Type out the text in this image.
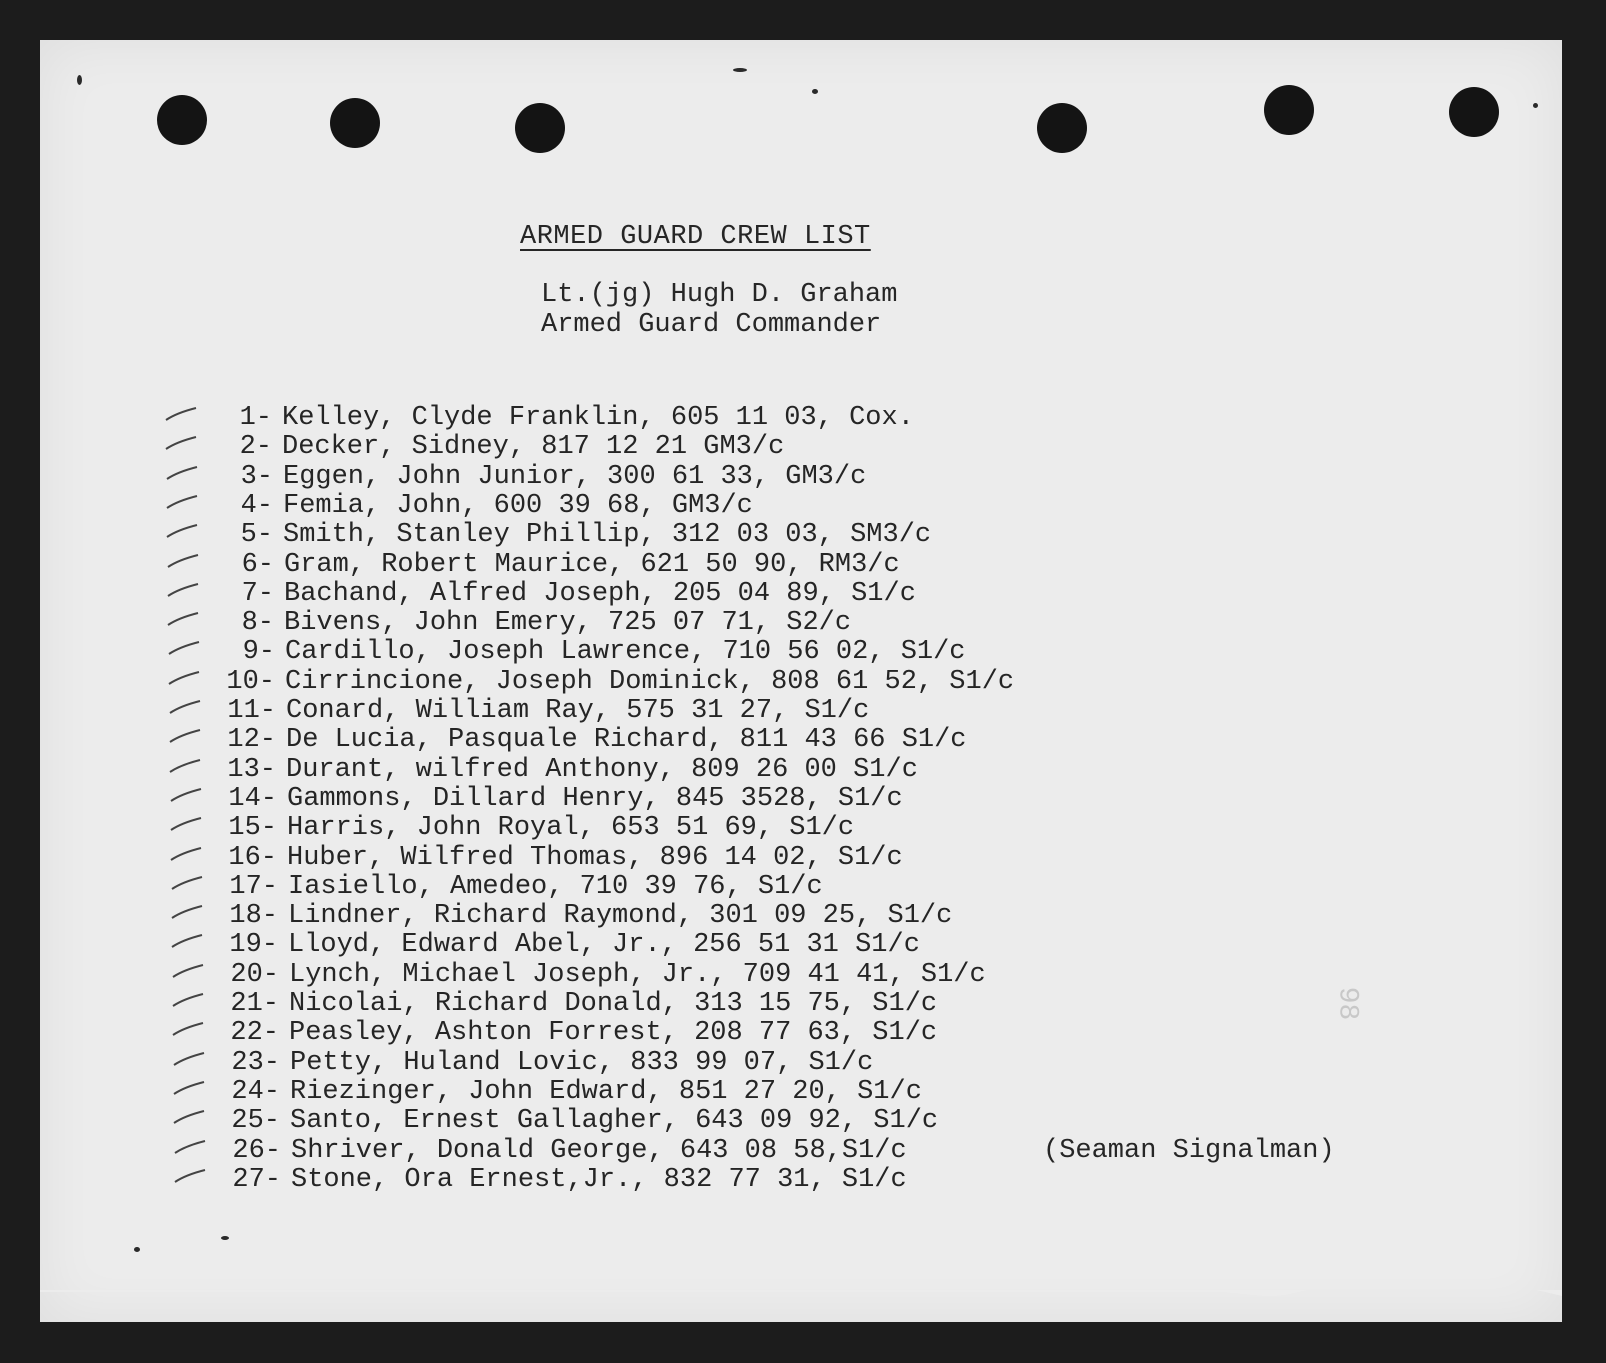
ARMED GUARD CREW LIST
Lt.(jg) Hugh D. Graham
Armed Guard Commander
1- Kelley, Clyde Franklin, 605 11 03, Cox.
2- Decker, Sidney, 817 12 21 GM3/c
3- Eggen, John Junior, 300 61 33, GM3/c
4- Femia, John, 600 39 68, GM3/c
5- Smith, Stanley Phillip, 312 03 03, SM3/c
6- Gram, Robert Maurice, 621 50 90, RM3/c
7- Bachand, Alfred Joseph, 205 04 89, S1/c
8- Bivens, John Emery, 725 07 71, S2/c
9- Cardillo, Joseph Lawrence, 710 56 02, S1/c
10- Cirrincione, Joseph Dominick, 808 61 52, S1/c
11- Conard, William Ray, 575 31 27, S1/c
12- De Lucia, Pasquale Richard, 811 43 66 S1/c
13- Durant, wilfred Anthony, 809 26 00 S1/c
14- Gammons, Dillard Henry, 845 3528, S1/c
15- Harris, John Royal, 653 51 69, S1/c
16- Huber, Wilfred Thomas, 896 14 02, S1/c
17- Iasiello, Amedeo, 710 39 76, S1/c
18- Lindner, Richard Raymond, 301 09 25, S1/c
19- Lloyd, Edward Abel, Jr., 256 51 31 S1/c
20- Lynch, Michael Joseph, Jr., 709 41 41, S1/c
21- Nicolai, Richard Donald, 313 15 75, S1/c
22- Peasley, Ashton Forrest, 208 77 63, S1/c
23- Petty, Huland Lovic, 833 99 07, S1/c
24- Riezinger, John Edward, 851 27 20, S1/c
25- Santo, Ernest Gallagher, 643 09 92, S1/c
26- Shriver, Donald George, 643 08 58,S1/c
27- Stone, Ora Ernest,Jr., 832 77 31, S1/c
(Seaman Signalman)
98
